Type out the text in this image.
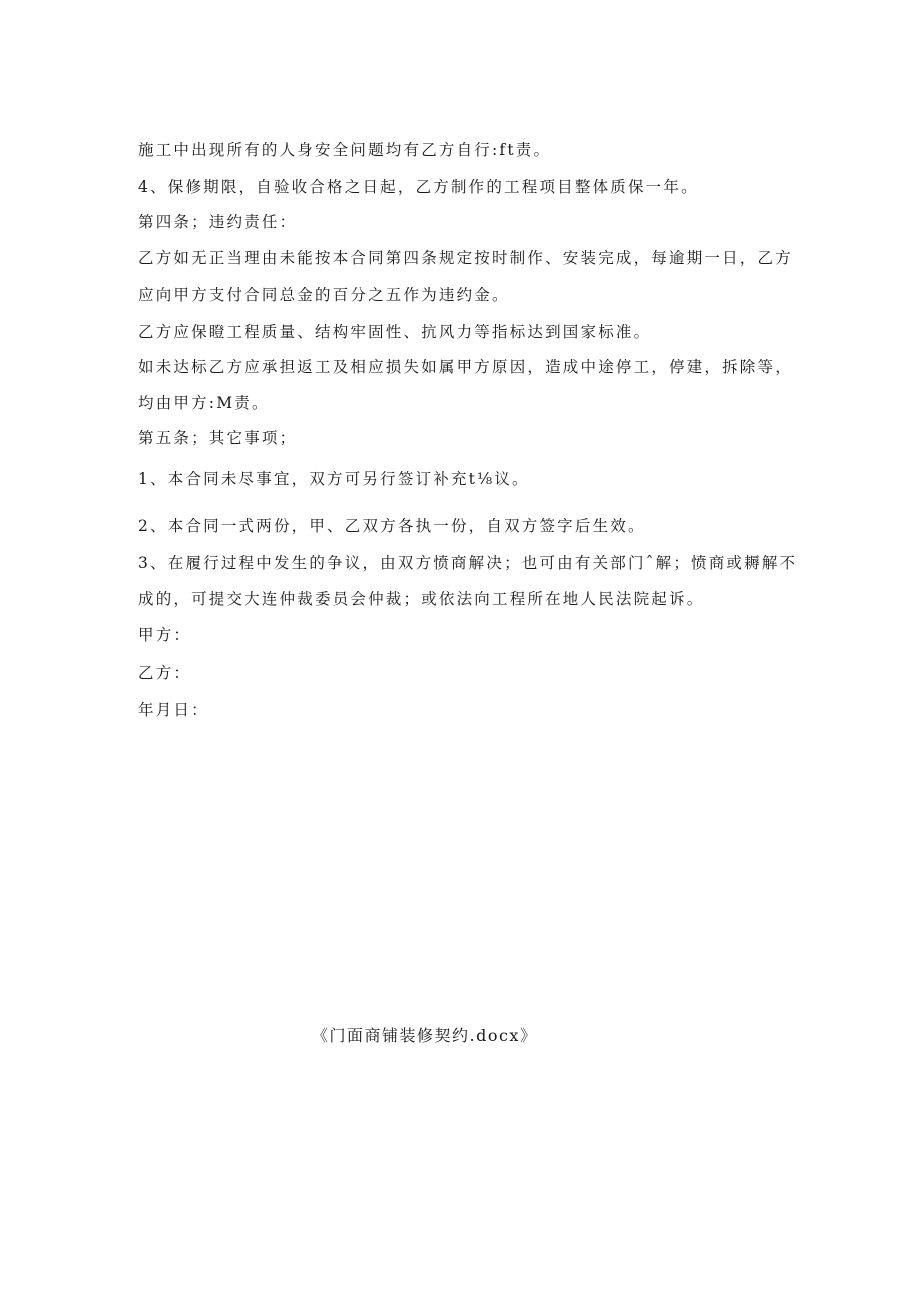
施工中出现所有的人身安全问题均有乙方自行:ft责。
4、保修期限，自验收合格之日起，乙方制作的工程项目整体质保一年。
第四条；违约责任：
乙方如无正当理由未能按本合同第四条规定按时制作、安装完成，每逾期一日，乙方
应向甲方支付合同总金的百分之五作为违约金。
乙方应保瞪工程质量、结构牢固性、抗风力等指标达到国家标准。
如未达标乙方应承担返工及相应损失如属甲方原因，造成中途停工，停建，拆除等，
均由甲方:M责。
第五条；其它事项；
1、本合同未尽事宜，双方可另行签订补充t⅛议。
2、本合同一式两份，甲、乙双方各执一份，自双方签字后生效。
3、在履行过程中发生的争议，由双方愤商解决；也可由有关部门ˆ解；愤商或耨解不
成的，可提交大连仲裁委员会仲裁；或依法向工程所在地人民法院起诉。
甲方：
乙方：
年月日：
《门面商铺装修契约.docx》
